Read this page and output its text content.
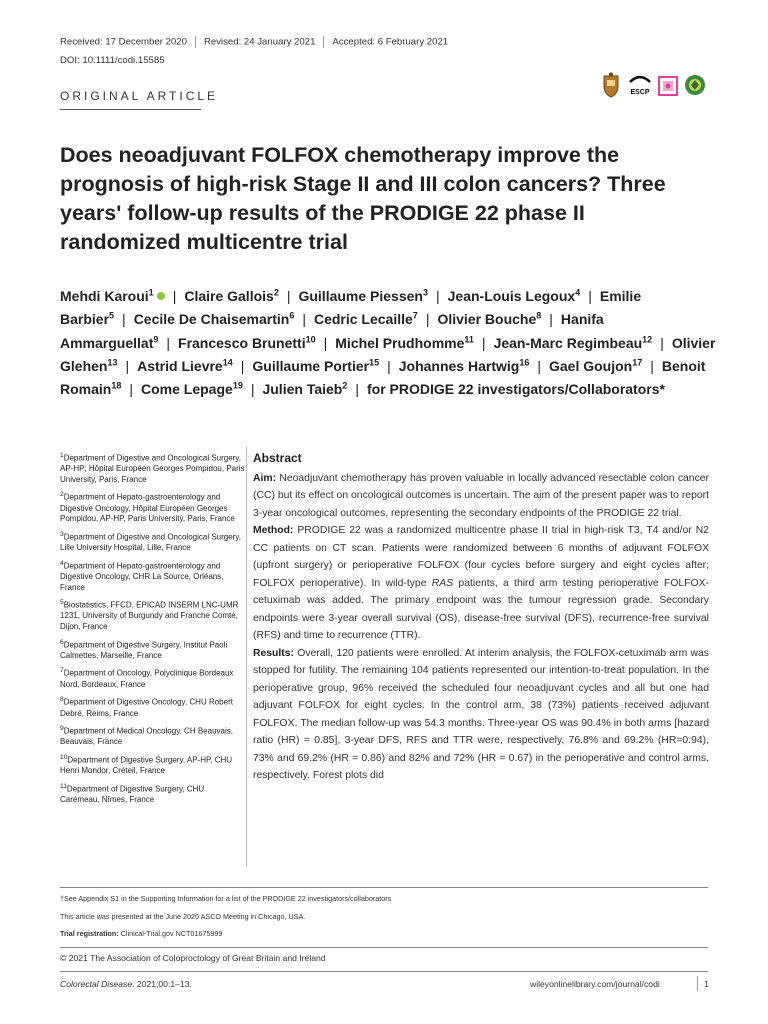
Received: 17 December 2020 Revised: 24 January 2021 Accepted: 6 February 2021
DOI: 10.1111/codi.15585
ESCP
ORIGINAL ARTICLE
Does neoadjuvant FOLFOX chemotherapy improve the prognosis of high-risk Stage II and III colon cancers? Three years' follow-up results of the PRODIGE 22 phase II randomized multicentre trial
Mehdi Karoui$^1$ | Claire Gallois$^2$ | Guillaume Piessen$^3$ | Jean-Louis Legoux$^4$ | Emilie Barbier$^5$ | Cecile De Chaisemartin$^6$ | Cedric Lecaille$^7$ | Olivier Bouche$^8$ | Hanifa Ammarguellat$^9$ | Francesco Brunetti$^{10}$ | Michel Prudhomme$^{11}$ | Jean-Marc Regimbeau$^{12}$ | Olivier Glehen$^{13}$ | Astrid Lievre$^{14}$ | Guillaume Portier$^{15}$ | Johannes Hartwig$^{16}$ | Gael Goujon$^{17}$ | Benoit Romain$^{18}$ | Come Lepage$^{19}$ | Julien Taieb$^2$ | for PRODIGE 22 investigators/Collaborators*

$^1$Department of Digestive and Oncological Surgery, AP-HP; Hôpital Européen Georges Pompidou, Paris University, Paris, France

$^2$Department of Hepato-gastroenterology and Digestive Oncology, Hôpital Européen Georges Pompidou, AP-HP, Paris University, Paris, France

$^3$Department of Digestive and Oncological Surgery, Lille University Hospital, Lille, France

$^4$Department of Hepato-gastroenterology and Digestive Oncology, CHR La Source, Orléans, France

$^5$Biostatistics, FFCD, EPICAD INSERM LNC-UMR 1231, University of Burgundy and Franche Comté, Dijon, France

$^6$Department of Digestive Surgery, Institut Paoli Calmettes, Marseille, France

$^7$Department of Oncology, Polyclinique Bordeaux Nord, Bordeaux, France

$^8$Department of Digestive Oncology, CHU Robert Debré, Reims, France

$^9$Department of Medical Oncology, CH Beauvais, Beauvais, France

$^{10}$Department of Digestive Surgery, AP-HP, CHU Henri Mondor, Créteil, France

$^{11}$Department of Digestive Surgery, CHU Carémeau, Nîmes, France

Abstract

Aim: Neoadjuvant chemotherapy has proven valuable in locally advanced resectable colon cancer (CC) but its effect on oncological outcomes is uncertain. The aim of the present paper was to report 3-year oncological outcomes, representing the secondary endpoints of the PRODIGE 22 trial.

Method: PRODIGE 22 was a randomized multicentre phase II trial in high-risk T3, T4 and/or N2 CC patients on CT scan. Patients were randomized between 6 months of adjuvant FOLFOX (upfront surgery) or perioperative FOLFOX (four cycles before surgery and eight cycles after; FOLFOX perioperative). In wild-type RAS patients, a third arm testing perioperative FOLFOX-cetuximab was added. The primary endpoint was the tumour regression grade. Secondary endpoints were 3-year overall survival (OS), disease-free survival (DFS), recurrence-free survival (RFS) and time to recurrence (TTR).

Results: Overall, 120 patients were enrolled. At interim analysis, the FOLFOX-cetuximab arm was stopped for futility. The remaining 104 patients represented our intention-to-treat population. In the perioperative group, 96% received the scheduled four neoadjuvant cycles and all but one had adjuvant FOLFOX for eight cycles. In the control arm, 38 (73%) patients received adjuvant FOLFOX. The median follow-up was 54.3 months. Three-year OS was 90.4% in both arms [hazard ratio (HR) = 0.85], 3-year DFS, RFS and TTR were, respectively, 76.8% and 69.2% (HR=0.94), 73% and 69.2% (HR = 0.86) and 82% and 72% (HR = 0.67) in the perioperative and control arms, respectively. Forest plots did

†See Appendix S1 in the Supporting Information for a list of the PRODIGE 22 investigators/collaborators
This article was presented at the June 2020 ASCO Meeting in Chicago, USA.
Trial registration: Clinical-Trial.gov NCT01675999
© 2021 The Association of Coloproctology of Great Britain and Ireland
Colorectal Disease. 2021;00:1–13.	wileyonlinelibrary.com/journal/codi	1
